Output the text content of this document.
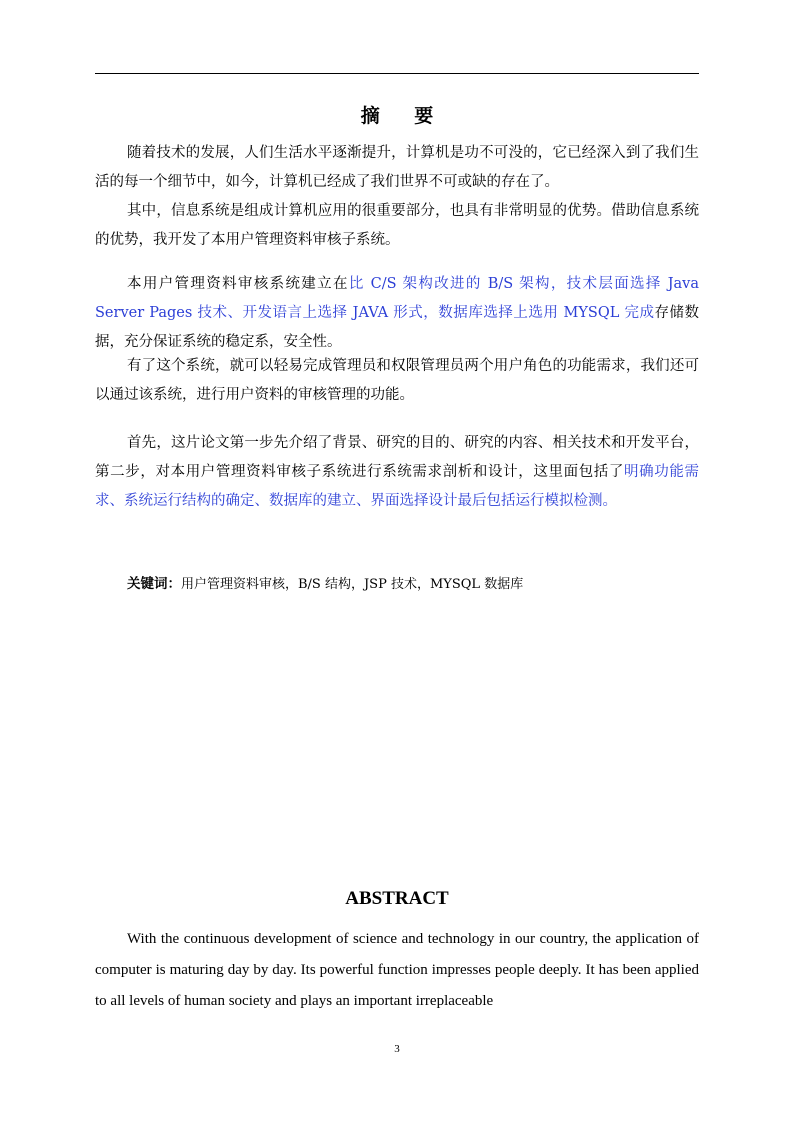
摘 要

随着技术的发展，人们生活水平逐渐提升，计算机是功不可没的，它已经深入到了我们生活的每一个细节中，如今，计算机已经成了我们世界不可或缺的存在了。

其中，信息系统是组成计算机应用的很重要部分，也具有非常明显的优势。借助信息系统的优势，我开发了本用户管理资料审核子系统。

本用户管理资料审核系统建立在比 C/S 架构改进的 B/S 架构，技术层面选择 Java Server Pages 技术、开发语言上选择 JAVA 形式，数据库选择上选用 MYSQL 完成存储数据，充分保证系统的稳定系，安全性。

有了这个系统，就可以轻易完成管理员和权限管理员两个用户角色的功能需求，我们还可以通过该系统，进行用户资料的审核管理的功能。

首先，这片论文第一步先介绍了背景、研究的目的、研究的内容、相关技术和开发平台，第二步，对本用户管理资料审核子系统进行系统需求剖析和设计，这里面包括了明确功能需求、系统运行结构的确定、数据库的建立、界面选择设计最后包括运行模拟检测。

关键词：用户管理资料审核，B/S 结构，JSP 技术，MYSQL 数据库
ABSTRACT

With the continuous development of science and technology in our country, the application of computer is maturing day by day. Its powerful function impresses people deeply. It has been applied to all levels of human society and plays an important irreplaceable

3
